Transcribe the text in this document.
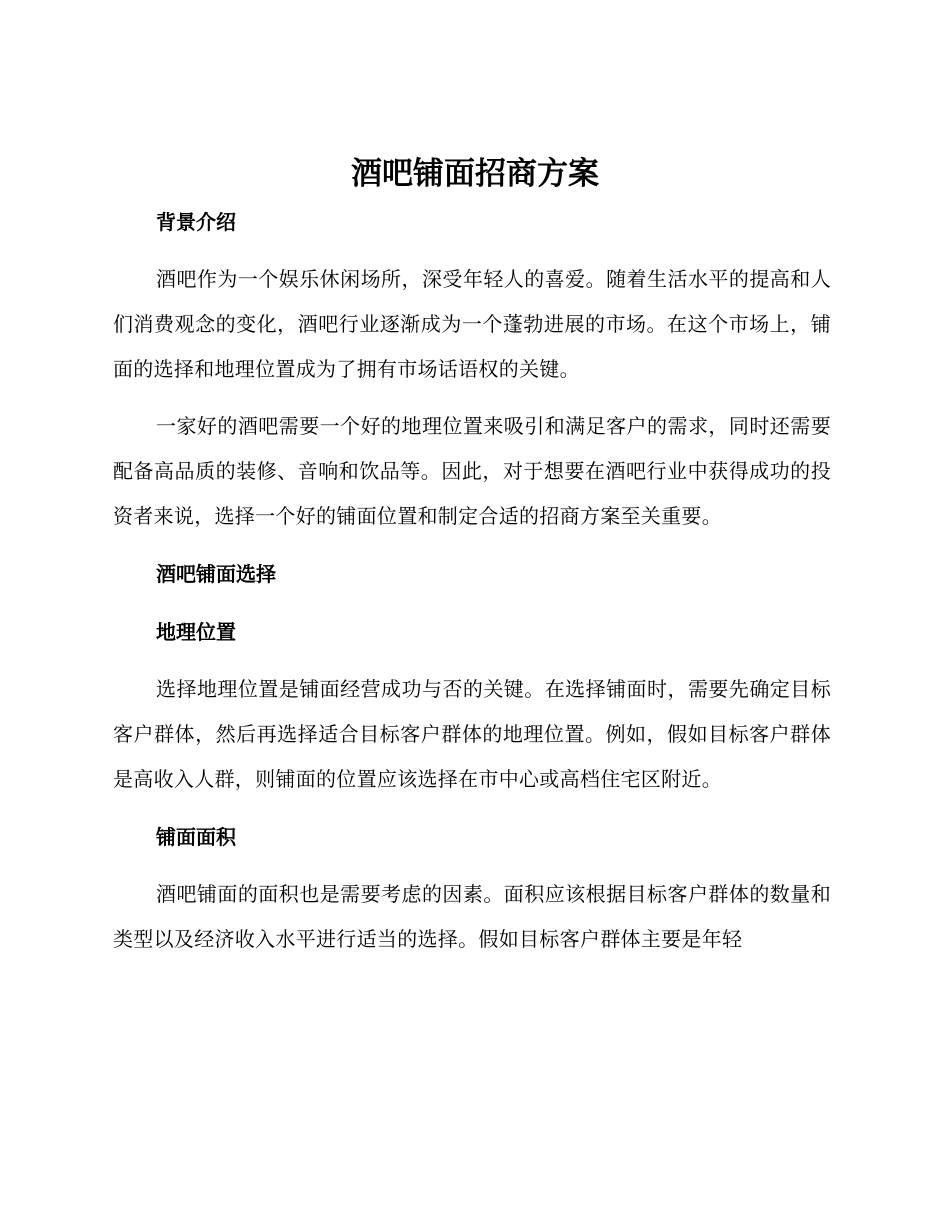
酒吧铺面招商方案
背景介绍

酒吧作为一个娱乐休闲场所，深受年轻人的喜爱。随着生活水平的提高和人们消费观念的变化，酒吧行业逐渐成为一个蓬勃进展的市场。在这个市场上，铺面的选择和地理位置成为了拥有市场话语权的关键。

一家好的酒吧需要一个好的地理位置来吸引和满足客户的需求，同时还需要配备高品质的装修、音响和饮品等。因此，对于想要在酒吧行业中获得成功的投资者来说，选择一个好的铺面位置和制定合适的招商方案至关重要。

酒吧铺面选择
地理位置

选择地理位置是铺面经营成功与否的关键。在选择铺面时，需要先确定目标客户群体，然后再选择适合目标客户群体的地理位置。例如，假如目标客户群体是高收入人群，则铺面的位置应该选择在市中心或高档住宅区附近。

铺面面积

酒吧铺面的面积也是需要考虑的因素。面积应该根据目标客户群体的数量和类型以及经济收入水平进行适当的选择。假如目标客户群体主要是年轻
